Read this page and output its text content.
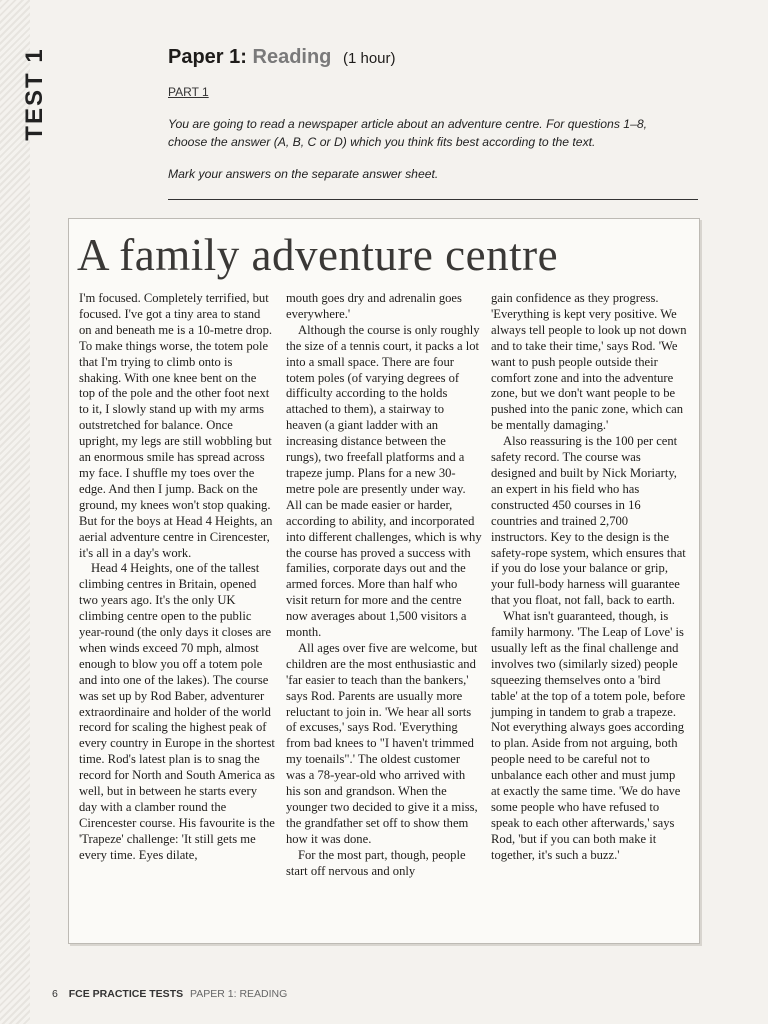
TEST 1	Paper 1: Reading (1 hour)
PART 1
You are going to read a newspaper article about an adventure centre. For questions 1–8, choose the answer (A, B, C or D) which you think fits best according to the text.
Mark your answers on the separate answer sheet.
A family adventure centre

I'm focused. Completely terrified, but focused. I've got a tiny area to stand on and beneath me is a 10-metre drop. To make things worse, the totem pole that I'm trying to climb onto is shaking. With one knee bent on the top of the pole and the other foot next to it, I slowly stand up with my arms outstretched for balance. Once upright, my legs are still wobbling but an enormous smile has spread across my face. I shuffle my toes over the edge. And then I jump. Back on the ground, my knees won't stop quaking. But for the boys at Head 4 Heights, an aerial adventure centre in Cirencester, it's all in a day's work.

Head 4 Heights, one of the tallest climbing centres in Britain, opened two years ago. It's the only UK climbing centre open to the public year-round (the only days it closes are when winds exceed 70 mph, almost enough to blow you off a totem pole and into one of the lakes). The course was set up by Rod Baber, adventurer extraordinaire and holder of the world record for scaling the highest peak of every country in Europe in the shortest time. Rod's latest plan is to snag the record for North and South America as well, but in between he starts every day with a clamber round the Cirencester course. His favourite is the 'Trapeze' challenge: 'It still gets me every time. Eyes dilate,

mouth goes dry and adrenalin goes everywhere.'

Although the course is only roughly the size of a tennis court, it packs a lot into a small space. There are four totem poles (of varying degrees of difficulty according to the holds attached to them), a stairway to heaven (a giant ladder with an increasing distance between the rungs), two freefall platforms and a trapeze jump. Plans for a new 30-metre pole are presently under way. All can be made easier or harder, according to ability, and incorporated into different challenges, which is why the course has proved a success with families, corporate days out and the armed forces. More than half who visit return for more and the centre now averages about 1,500 visitors a month.

All ages over five are welcome, but children are the most enthusiastic and 'far easier to teach than the bankers,' says Rod. Parents are usually more reluctant to join in. 'We hear all sorts of excuses,' says Rod. 'Everything from bad knees to "I haven't trimmed my toenails".' The oldest customer was a 78-year-old who arrived with his son and grandson. When the younger two decided to give it a miss, the grandfather set off to show them how it was done.

For the most part, though, people start off nervous and only

gain confidence as they progress. 'Everything is kept very positive. We always tell people to look up not down and to take their time,' says Rod. 'We want to push people outside their comfort zone and into the adventure zone, but we don't want people to be pushed into the panic zone, which can be mentally damaging.'

Also reassuring is the 100 per cent safety record. The course was designed and built by Nick Moriarty, an expert in his field who has constructed 450 courses in 16 countries and trained 2,700 instructors. Key to the design is the safety-rope system, which ensures that if you do lose your balance or grip, your full-body harness will guarantee that you float, not fall, back to earth.

What isn't guaranteed, though, is family harmony. 'The Leap of Love' is usually left as the final challenge and involves two (similarly sized) people squeezing themselves onto a 'bird table' at the top of a totem pole, before jumping in tandem to grab a trapeze. Not everything always goes according to plan. Aside from not arguing, both people need to be careful not to unbalance each other and must jump at exactly the same time. 'We do have some people who have refused to speak to each other afterwards,' says Rod, 'but if you can both make it together, it's such a buzz.'

6 FCE PRACTICE TESTS PAPER 1: READING
